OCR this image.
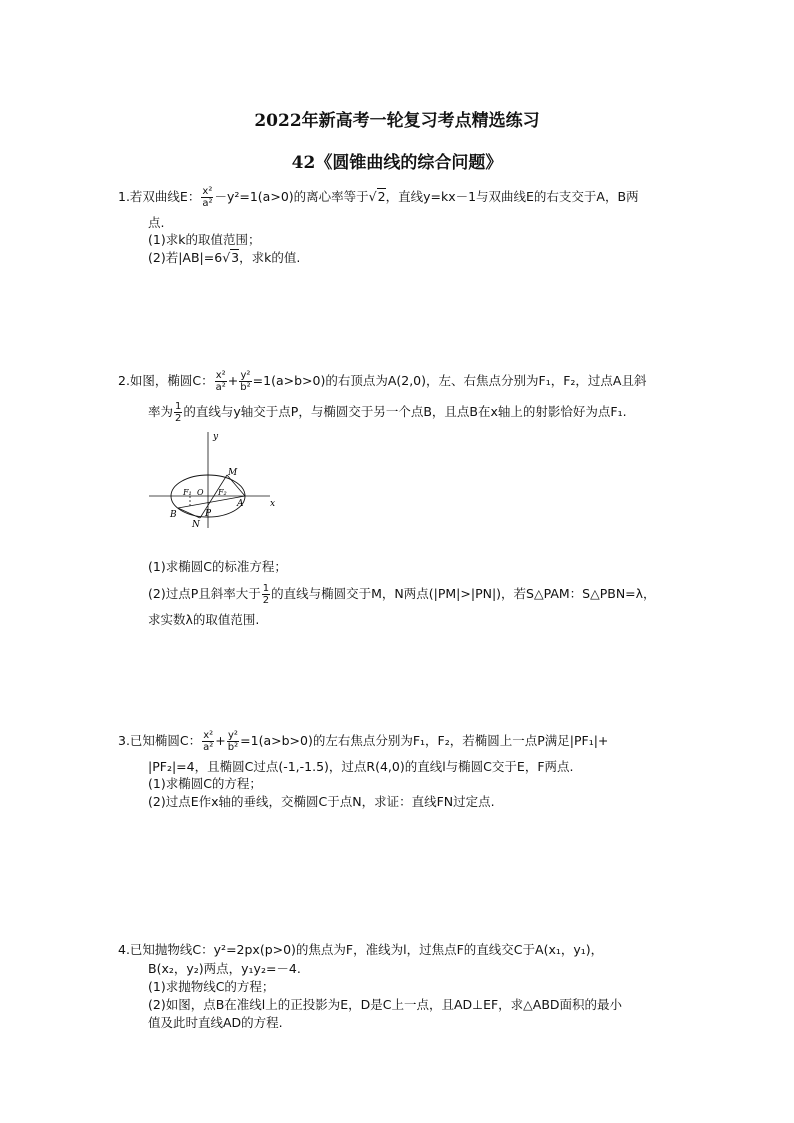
2022年新高考一轮复习考点精选练习
42《圆锥曲线的综合问题》
1.若双曲线E： $\frac{\text{x²}}{\text{a²}} -y^2=1(a>0)$的离心率等于√2，直线y=kx－1与双曲线E的右支交于A，B两
点.
(1)求k的取值范围；
(2)若|AB|=6√3，求k的值.
2.如图，椭圆C： $\frac{\text{x²}}{\text{a²}} + \frac{\text{y²}}{\text{b²}} =1(a>b>0)$的右顶点为A(2,0)，左、右焦点分别为F₁，F₂，过点A且斜
率为 $\frac{1}{2}$ 的直线与y轴交于点P，与椭圆交于另一个点B，且点B在x轴上的射影恰好为点F₁.
y
x
M
F₁ O F₂
A
B	P
N
(1)求椭圆C的标准方程；
(2)过点P且斜率大于 $\frac{1}{2}$ 的直线与椭圆交于M，N两点(|PM|>|PN|)，若S△PAM：S△PBN=λ，
求实数λ的取值范围.
3.已知椭圆C： $\frac{\text{x²}}{\text{a²}} + \frac{\text{y²}}{\text{b²}} =1(a>b>0)$的左右焦点分别为F₁，F₂，若椭圆上一点P满足|PF₁|+
|PF₂|=4，且椭圆C过点(-1,-1.5)，过点R(4,0)的直线l与椭圆C交于E，F两点.
(1)求椭圆C的方程；
(2)过点E作x轴的垂线，交椭圆C于点N，求证：直线FN过定点.
4.已知抛物线C：y²=2px(p>0)的焦点为F，准线为l，过焦点F的直线交C于A(x₁，y₁)，
B(x₂，y₂)两点，y₁y₂=－4.
(1)求抛物线C的方程；
(2)如图，点B在准线l上的正投影为E，D是C上一点，且AD⊥EF，求△ABD面积的最小
值及此时直线AD的方程.
